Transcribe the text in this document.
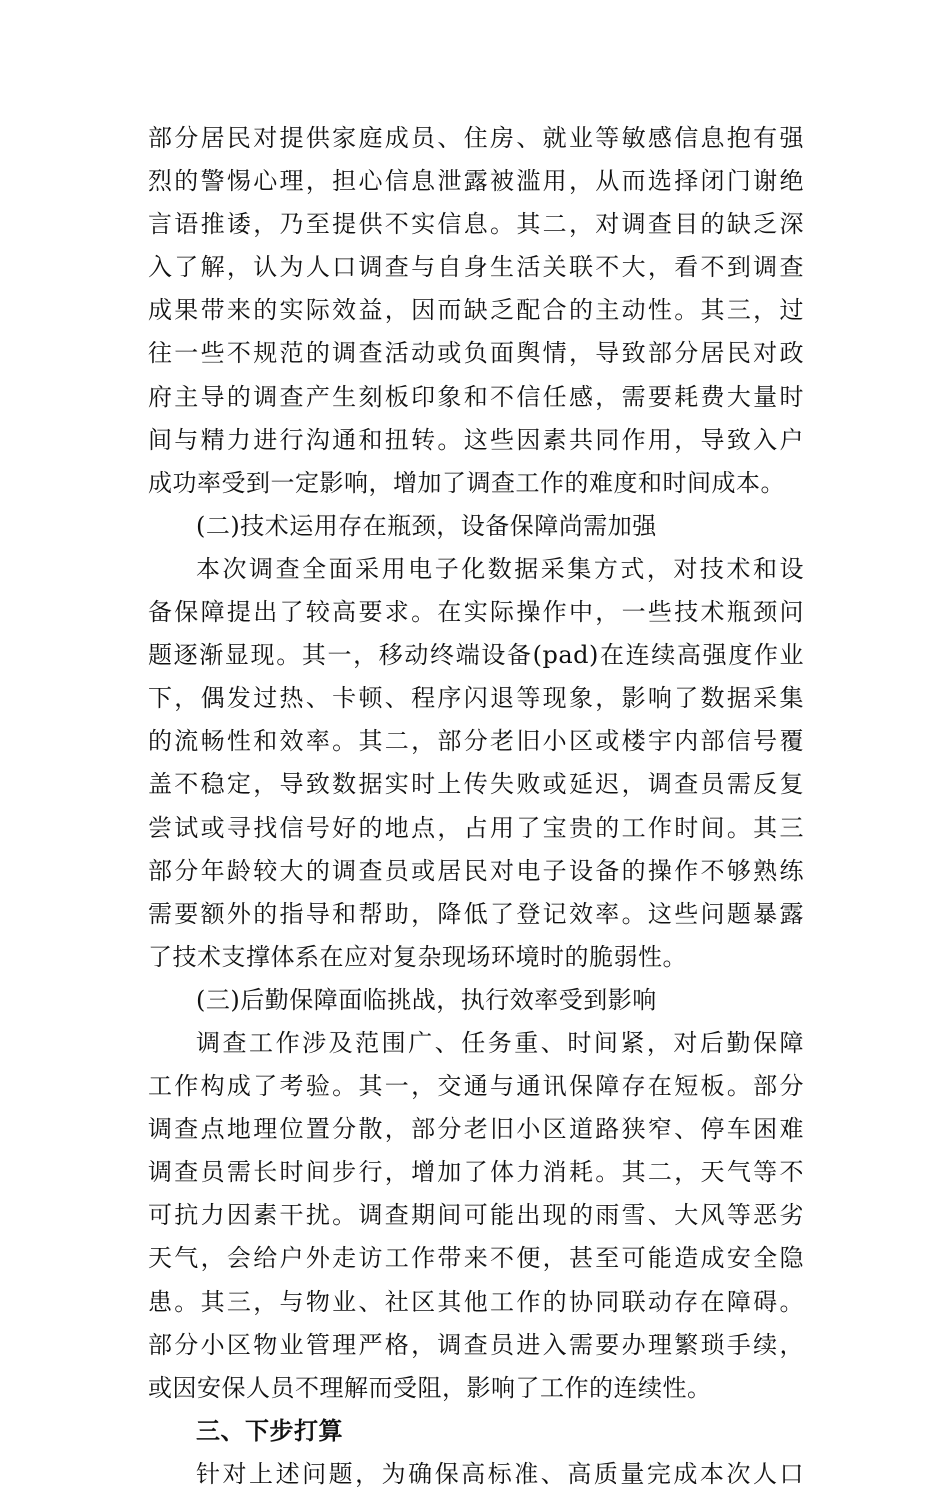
部分居民对提供家庭成员、住房、就业等敏感信息抱有强
烈的警惕心理，担心信息泄露被滥用，从而选择闭门谢绝
言语推诿，乃至提供不实信息。其二，对调查目的缺乏深
入了解，认为人口调查与自身生活关联不大，看不到调查
成果带来的实际效益，因而缺乏配合的主动性。其三，过
往一些不规范的调查活动或负面舆情，导致部分居民对政
府主导的调查产生刻板印象和不信任感，需要耗费大量时
间与精力进行沟通和扭转。这些因素共同作用，导致入户
成功率受到一定影响，增加了调查工作的难度和时间成本。
(二)技术运用存在瓶颈，设备保障尚需加强
本次调查全面采用电子化数据采集方式，对技术和设
备保障提出了较高要求。在实际操作中，一些技术瓶颈问
题逐渐显现。其一，移动终端设备(pad)在连续高强度作业
下，偶发过热、卡顿、程序闪退等现象，影响了数据采集
的流畅性和效率。其二，部分老旧小区或楼宇内部信号覆
盖不稳定，导致数据实时上传失败或延迟，调查员需反复
尝试或寻找信号好的地点，占用了宝贵的工作时间。其三
部分年龄较大的调查员或居民对电子设备的操作不够熟练
需要额外的指导和帮助，降低了登记效率。这些问题暴露
了技术支撑体系在应对复杂现场环境时的脆弱性。
(三)后勤保障面临挑战，执行效率受到影响
调查工作涉及范围广、任务重、时间紧，对后勤保障
工作构成了考验。其一，交通与通讯保障存在短板。部分
调查点地理位置分散，部分老旧小区道路狭窄、停车困难
调查员需长时间步行，增加了体力消耗。其二，天气等不
可抗力因素干扰。调查期间可能出现的雨雪、大风等恶劣
天气，会给户外走访工作带来不便，甚至可能造成安全隐
患。其三，与物业、社区其他工作的协同联动存在障碍。
部分小区物业管理严格，调查员进入需要办理繁琐手续，
或因安保人员不理解而受阻，影响了工作的连续性。
三、下步打算
针对上述问题，为确保高标准、高质量完成本次人口
